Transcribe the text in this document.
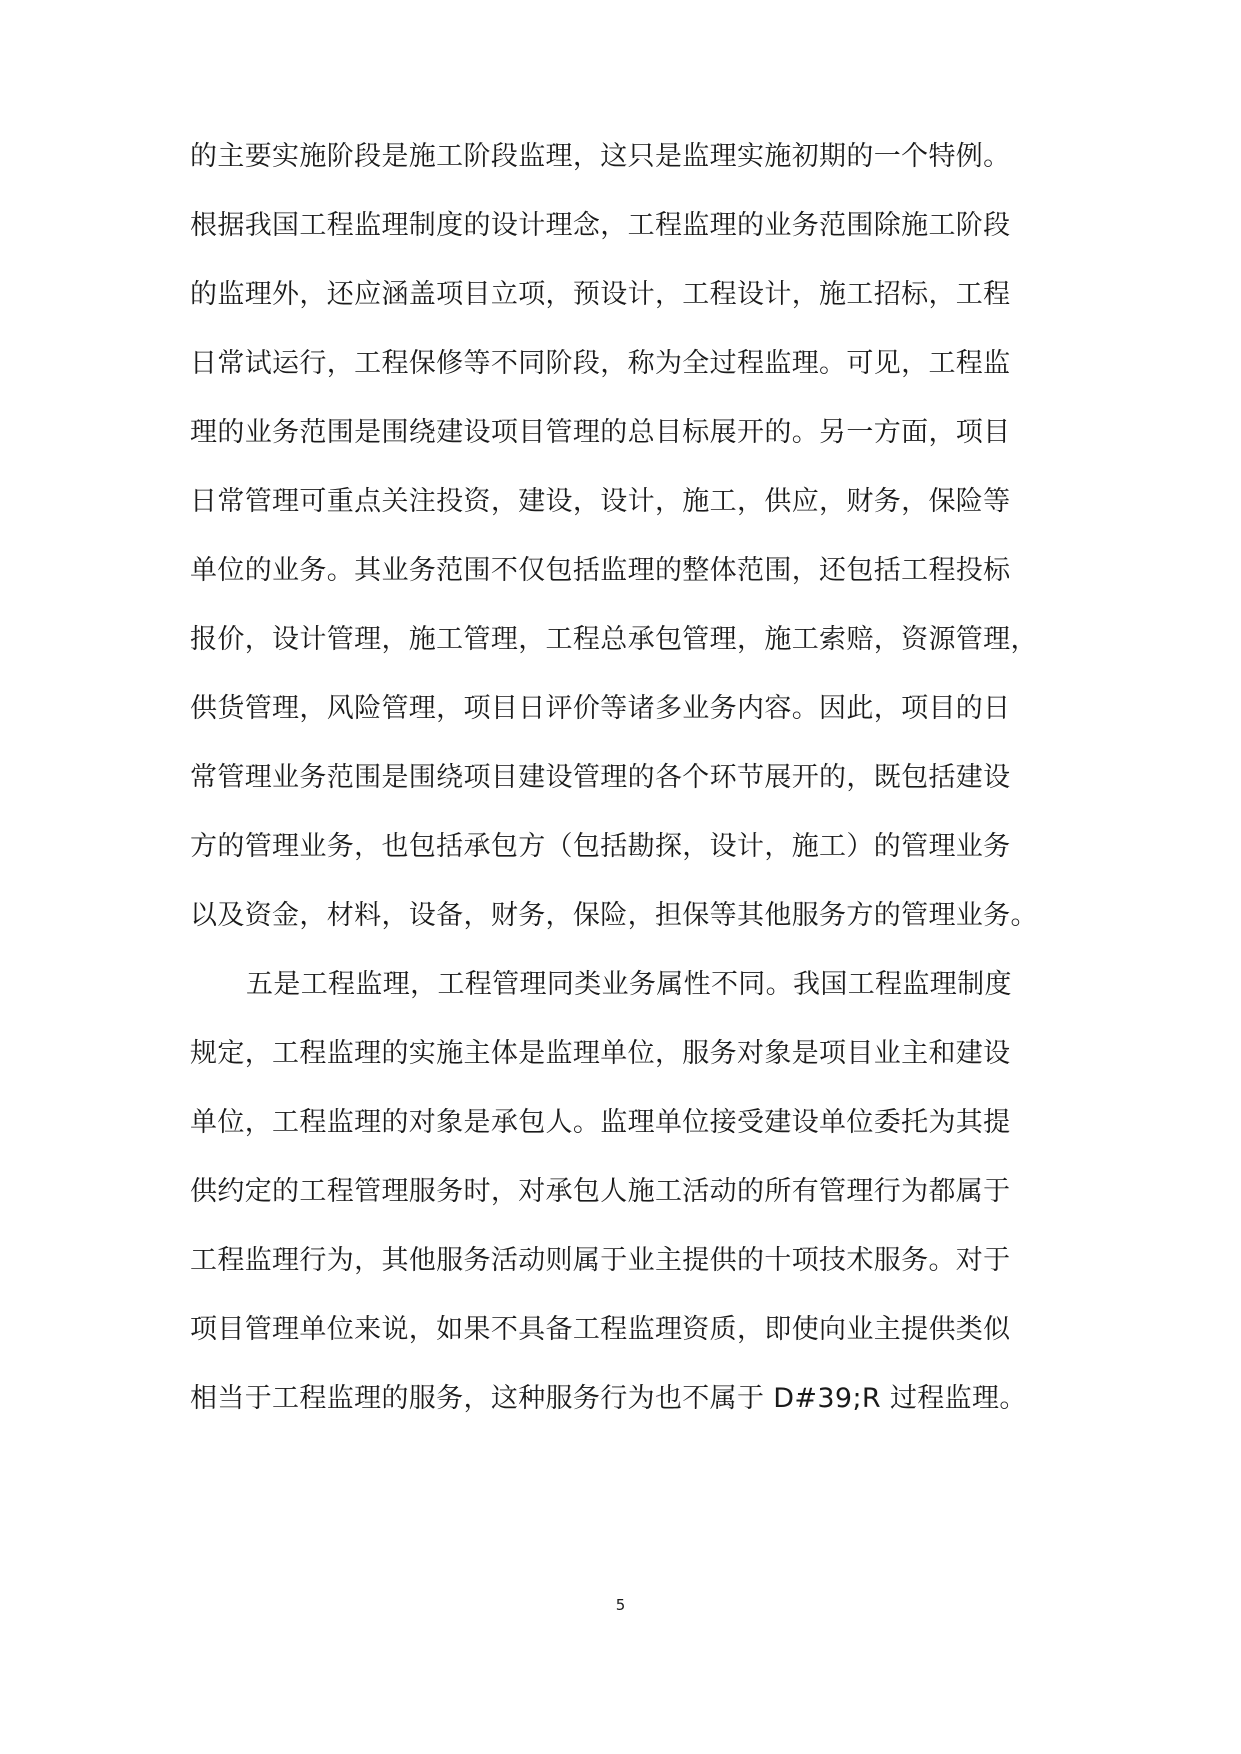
的主要实施阶段是施工阶段监理，这只是监理实施初期的一个特例。
根据我国工程监理制度的设计理念，工程监理的业务范围除施工阶段
的监理外，还应涵盖项目立项，预设计，工程设计，施工招标，工程
日常试运行，工程保修等不同阶段，称为全过程监理。可见，工程监
理的业务范围是围绕建设项目管理的总目标展开的。另一方面，项目
日常管理可重点关注投资，建设，设计，施工，供应，财务，保险等
单位的业务。其业务范围不仅包括监理的整体范围，还包括工程投标
报价，设计管理，施工管理，工程总承包管理，施工索赔，资源管理，
供货管理，风险管理，项目日评价等诸多业务内容。因此，项目的日
常管理业务范围是围绕项目建设管理的各个环节展开的，既包括建设
方的管理业务，也包括承包方（包括勘探，设计，施工）的管理业务
以及资金，材料，设备，财务，保险，担保等其他服务方的管理业务。
五是工程监理，工程管理同类业务属性不同。我国工程监理制度
规定，工程监理的实施主体是监理单位，服务对象是项目业主和建设
单位，工程监理的对象是承包人。监理单位接受建设单位委托为其提
供约定的工程管理服务时，对承包人施工活动的所有管理行为都属于
工程监理行为，其他服务活动则属于业主提供的十项技术服务。对于
项目管理单位来说，如果不具备工程监理资质，即使向业主提供类似
相当于工程监理的服务，这种服务行为也不属于 D#39;R 过程监理。
5
